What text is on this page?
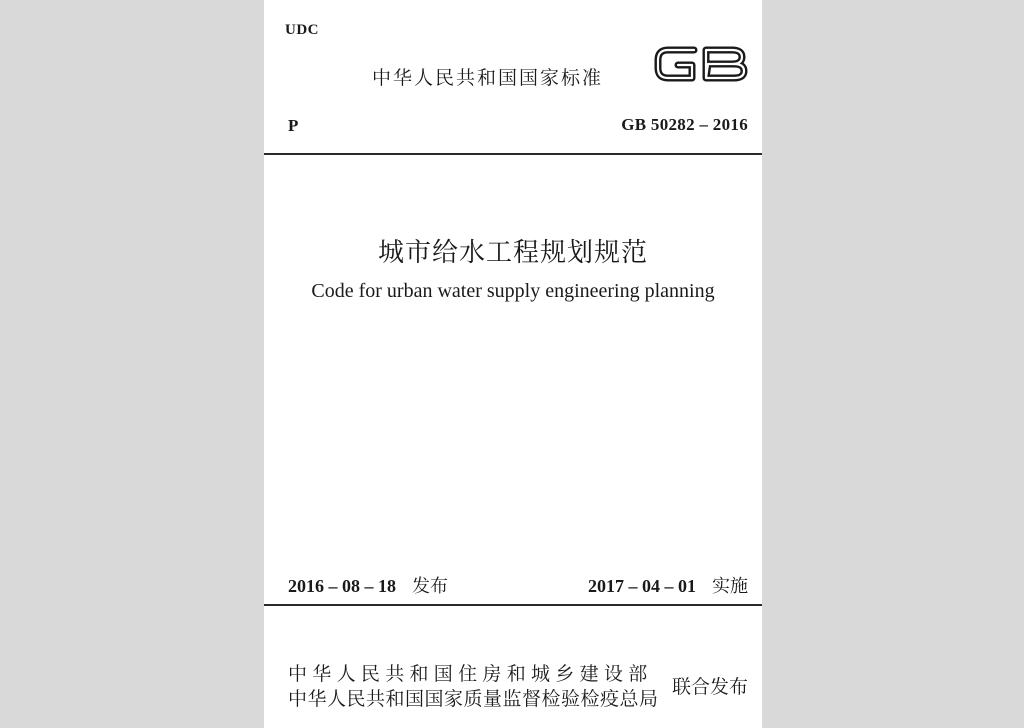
UDC
中华人民共和国国家标准
P	GB 50282 – 2016
城市给水工程规划规范
Code for urban water supply engineering planning
2016 – 08 – 18 发布	2017 – 04 – 01 实施
中华人民共和国住房和城乡建设部
中华人民共和国国家质量监督检验检疫总局
联合发布
